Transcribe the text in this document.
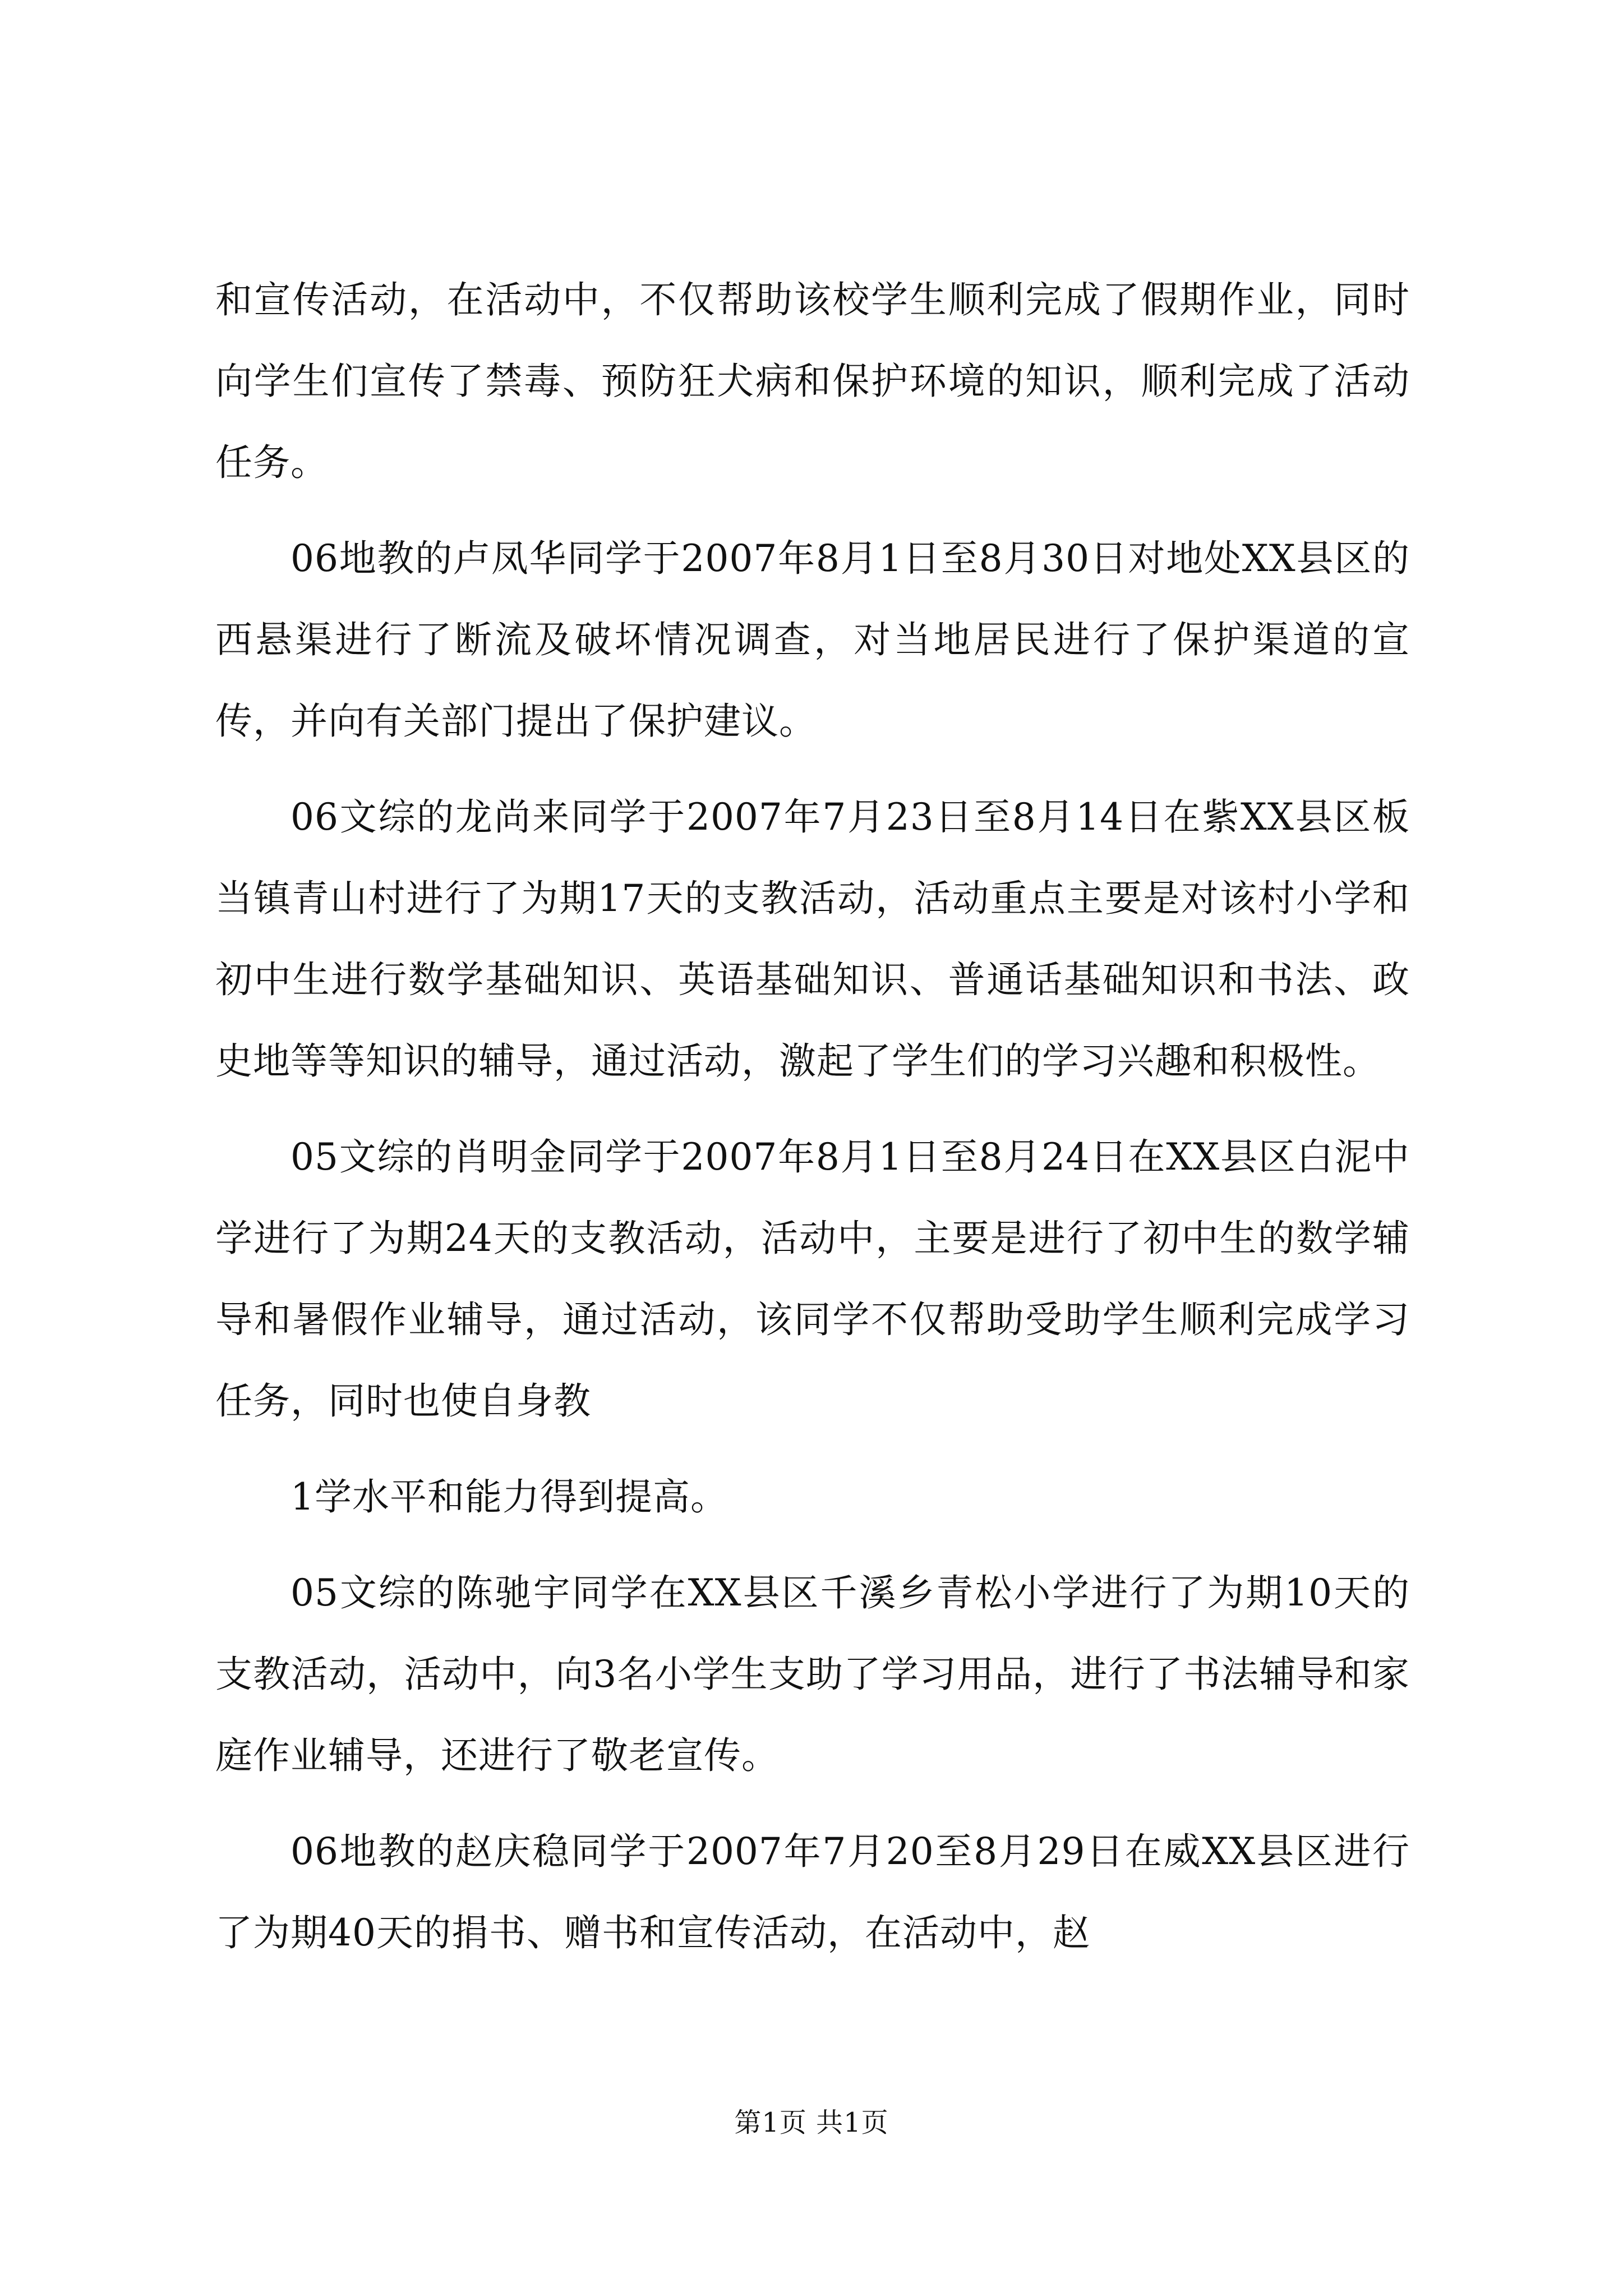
和宣传活动，在活动中，不仅帮助该校学生顺利完成了假期作业，同时向学生们宣传了禁毒、预防狂犬病和保护环境的知识，顺利完成了活动任务。

06地教的卢凤华同学于2007年8月1日至8月30日对地处XX县区的西悬渠进行了断流及破坏情况调查，对当地居民进行了保护渠道的宣传，并向有关部门提出了保护建议。

06文综的龙尚来同学于2007年7月23日至8月14日在紫XX县区板当镇青山村进行了为期17天的支教活动，活动重点主要是对该村小学和初中生进行数学基础知识、英语基础知识、普通话基础知识和书法、政史地等等知识的辅导，通过活动，激起了学生们的学习兴趣和积极性。

05文综的肖明金同学于2007年8月1日至8月24日在XX县区白泥中学进行了为期24天的支教活动，活动中，主要是进行了初中生的数学辅导和暑假作业辅导，通过活动，该同学不仅帮助受助学生顺利完成学习任务，同时也使自身教

1学水平和能力得到提高。

05文综的陈驰宇同学在XX县区千溪乡青松小学进行了为期10天的支教活动，活动中，向3名小学生支助了学习用品，进行了书法辅导和家庭作业辅导，还进行了敬老宣传。

06地教的赵庆稳同学于2007年7月20至8月29日在威XX县区进行了为期40天的捐书、赠书和宣传活动，在活动中，赵

第1页 共1页
